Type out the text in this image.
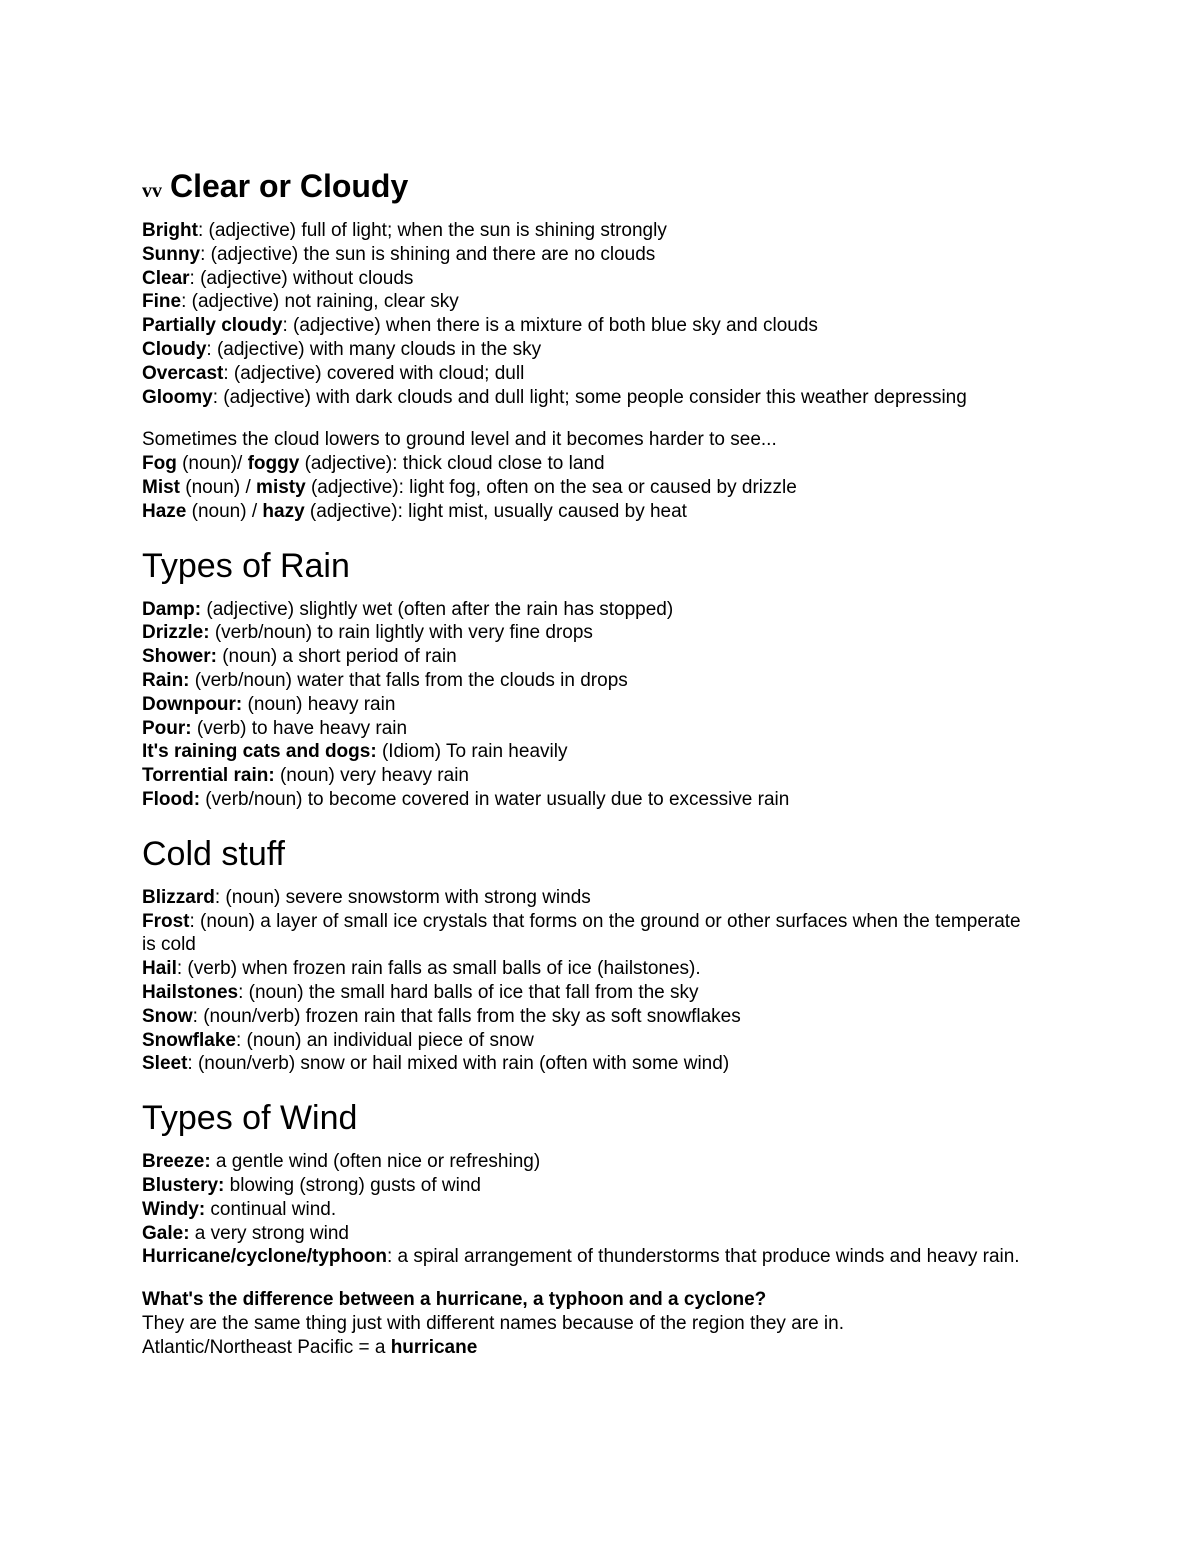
vv Clear or Cloudy
Bright: (adjective) full of light; when the sun is shining strongly
Sunny: (adjective) the sun is shining and there are no clouds
Clear: (adjective) without clouds
Fine: (adjective) not raining, clear sky
Partially cloudy: (adjective) when there is a mixture of both blue sky and clouds
Cloudy: (adjective) with many clouds in the sky
Overcast: (adjective) covered with cloud; dull
Gloomy: (adjective) with dark clouds and dull light; some people consider this weather depressing
Sometimes the cloud lowers to ground level and it becomes harder to see...
Fog (noun)/ foggy (adjective): thick cloud close to land
Mist (noun) / misty (adjective): light fog, often on the sea or caused by drizzle
Haze (noun) / hazy (adjective): light mist, usually caused by heat
Types of Rain
Damp: (adjective) slightly wet (often after the rain has stopped)
Drizzle: (verb/noun) to rain lightly with very fine drops
Shower: (noun) a short period of rain
Rain: (verb/noun) water that falls from the clouds in drops
Downpour: (noun) heavy rain
Pour: (verb) to have heavy rain
It's raining cats and dogs: (Idiom) To rain heavily
Torrential rain: (noun) very heavy rain
Flood: (verb/noun) to become covered in water usually due to excessive rain
Cold stuff
Blizzard: (noun) severe snowstorm with strong winds
Frost: (noun) a layer of small ice crystals that forms on the ground or other surfaces when the temperate is cold
Hail: (verb) when frozen rain falls as small balls of ice (hailstones).
Hailstones: (noun) the small hard balls of ice that fall from the sky
Snow: (noun/verb) frozen rain that falls from the sky as soft snowflakes
Snowflake: (noun) an individual piece of snow
Sleet: (noun/verb) snow or hail mixed with rain (often with some wind)
Types of Wind
Breeze: a gentle wind (often nice or refreshing)
Blustery: blowing (strong) gusts of wind
Windy: continual wind.
Gale: a very strong wind
Hurricane/cyclone/typhoon: a spiral arrangement of thunderstorms that produce winds and heavy rain.
What's the difference between a hurricane, a typhoon and a cyclone?
They are the same thing just with different names because of the region they are in.
Atlantic/Northeast Pacific = a hurricane
